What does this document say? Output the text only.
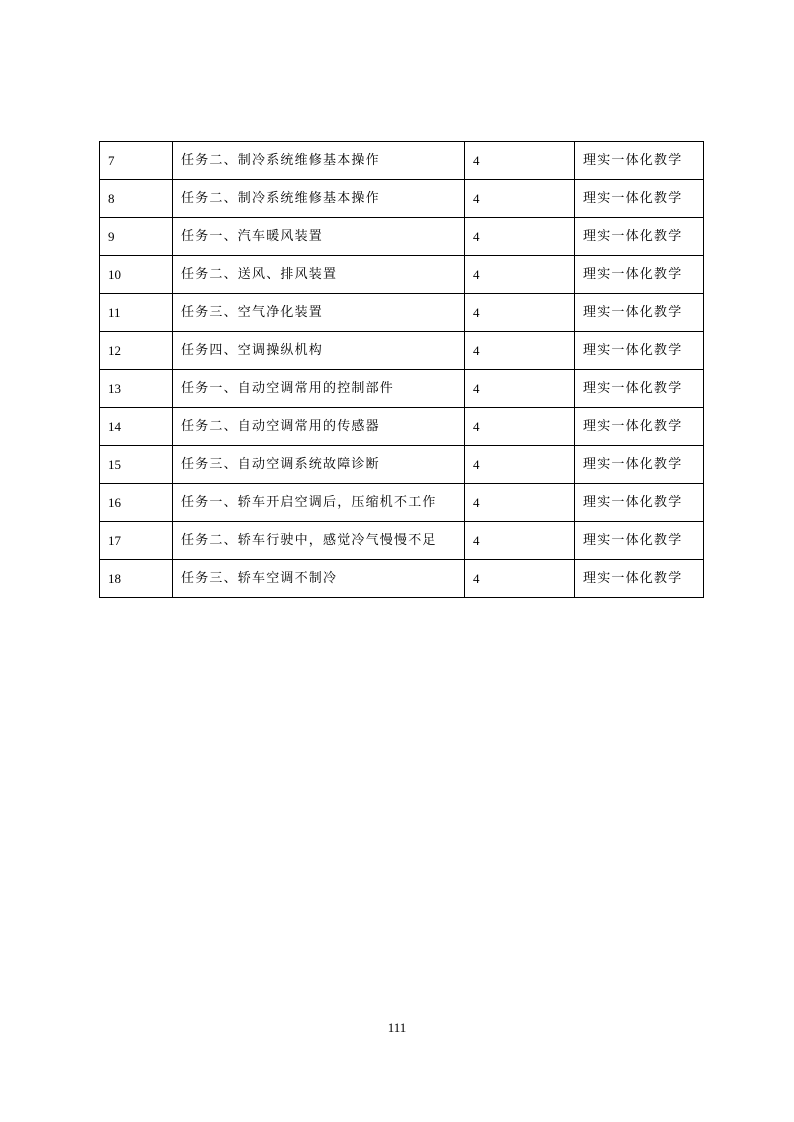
7	任务二、制冷系统维修基本操作	4	理实一体化教学
8	任务二、制冷系统维修基本操作	4	理实一体化教学
9	任务一、汽车暖风装置	4	理实一体化教学
10	任务二、送风、排风装置	4	理实一体化教学
11	任务三、空气净化装置	4	理实一体化教学
12	任务四、空调操纵机构	4	理实一体化教学
13	任务一、自动空调常用的控制部件	4	理实一体化教学
14	任务二、自动空调常用的传感器	4	理实一体化教学
15	任务三、自动空调系统故障诊断	4	理实一体化教学
16	任务一、轿车开启空调后，压缩机不工作	4	理实一体化教学
17	任务二、轿车行驶中，感觉冷气慢慢不足	4	理实一体化教学
18	任务三、轿车空调不制冷	4	理实一体化教学
111
